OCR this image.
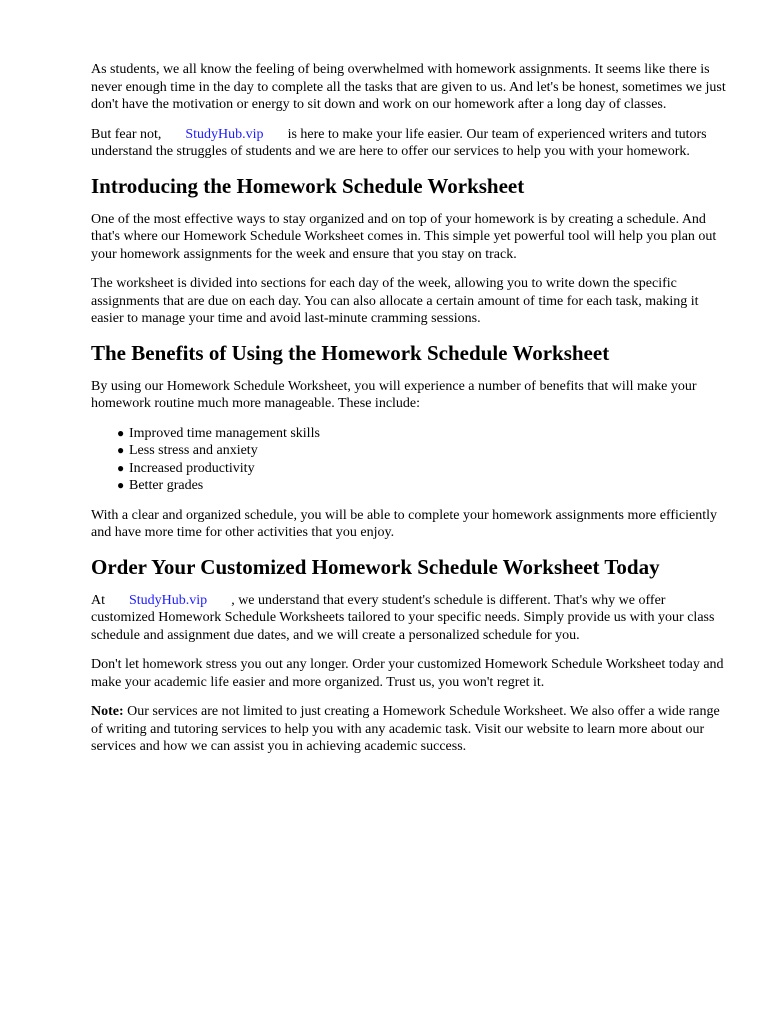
As students, we all know the feeling of being overwhelmed with homework assignments. It seems like there is never enough time in the day to complete all the tasks that are given to us. And let's be honest, sometimes we just don't have the motivation or energy to sit down and work on our homework after a long day of classes.

But fear not, StudyHub.vip is here to make your life easier. Our team of experienced writers and tutors understand the struggles of students and we are here to offer our services to help you with your homework.

Introducing the Homework Schedule Worksheet

One of the most effective ways to stay organized and on top of your homework is by creating a schedule. And that's where our Homework Schedule Worksheet comes in. This simple yet powerful tool will help you plan out your homework assignments for the week and ensure that you stay on track.

The worksheet is divided into sections for each day of the week, allowing you to write down the specific assignments that are due on each day. You can also allocate a certain amount of time for each task, making it easier to manage your time and avoid last-minute cramming sessions.

The Benefits of Using the Homework Schedule Worksheet

By using our Homework Schedule Worksheet, you will experience a number of benefits that will make your homework routine much more manageable. These include:

● Improved time management skills
● Less stress and anxiety
● Increased productivity
● Better grades

With a clear and organized schedule, you will be able to complete your homework assignments more efficiently and have more time for other activities that you enjoy.

Order Your Customized Homework Schedule Worksheet Today

At StudyHub.vip , we understand that every student's schedule is different. That's why we offer customized Homework Schedule Worksheets tailored to your specific needs. Simply provide us with your class schedule and assignment due dates, and we will create a personalized schedule for you.

Don't let homework stress you out any longer. Order your customized Homework Schedule Worksheet today and make your academic life easier and more organized. Trust us, you won't regret it.

Note: Our services are not limited to just creating a Homework Schedule Worksheet. We also offer a wide range of writing and tutoring services to help you with any academic task. Visit our website to learn more about our services and how we can assist you in achieving academic success.
